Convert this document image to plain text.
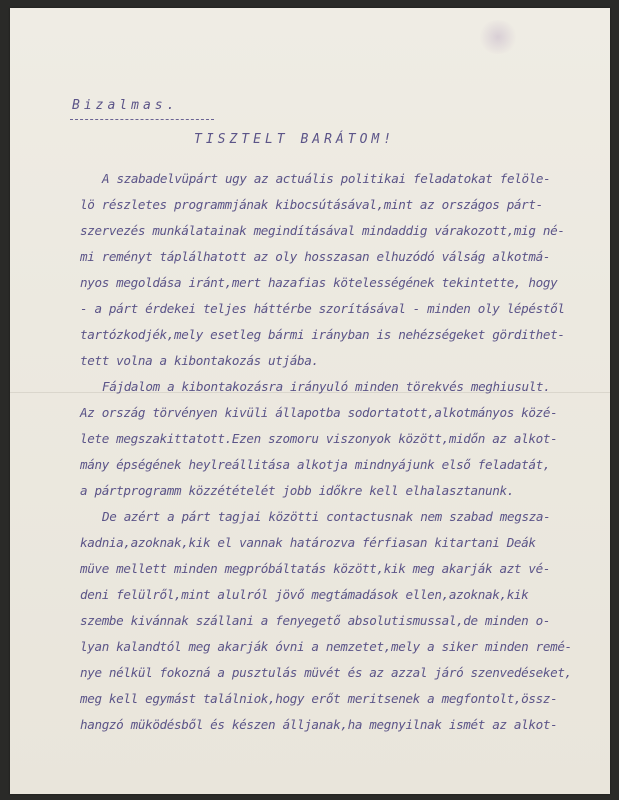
Bizalmas.
TISZTELT BARÁTOM!
A szabadelvüpárt ugy az actuális politikai feladatokat felöle-
lö részletes programmjának kibocsútásával,mint az országos párt-
szervezés munkálatainak megindításával mindaddig várakozott,mig né-
mi reményt táplálhatott az oly hosszasan elhuzódó válság alkotmá-
nyos megoldása iránt,mert hazafias kötelességének tekintette, hogy
- a párt érdekei teljes háttérbe szorításával - minden oly lépéstől
tartózkodjék,mely esetleg bármi irányban is nehézségeket gördithet-
tett volna a kibontakozás utjába.
Fájdalom a kibontakozásra irányuló minden törekvés meghiusult.
Az ország törvényen kivüli állapotba sodortatott,alkotmányos közé-
lete megszakittatott.Ezen szomoru viszonyok között,midőn az alkot-
mány épségének heylreállitása alkotja mindnyájunk első feladatát,
a pártprogramm közzétételét jobb időkre kell elhalasztanunk.
De azért a párt tagjai közötti contactusnak nem szabad megsza-
kadnia,azoknak,kik el vannak határozva férfiasan kitartani Deák
müve mellett minden megpróbáltatás között,kik meg akarják azt vé-
deni felülről,mint alulról jövő megtámadások ellen,azoknak,kik
szembe kivánnak szállani a fenyegető absolutismussal,de minden o-
lyan kalandtól meg akarják óvni a nemzetet,mely a siker minden remé-
nye nélkül fokozná a pusztulás müvét és az azzal járó szenvedéseket,
meg kell egymást találniok,hogy erőt meritsenek a megfontolt,össz-
hangzó müködésből és készen álljanak,ha megnyilnak ismét az alkot-
